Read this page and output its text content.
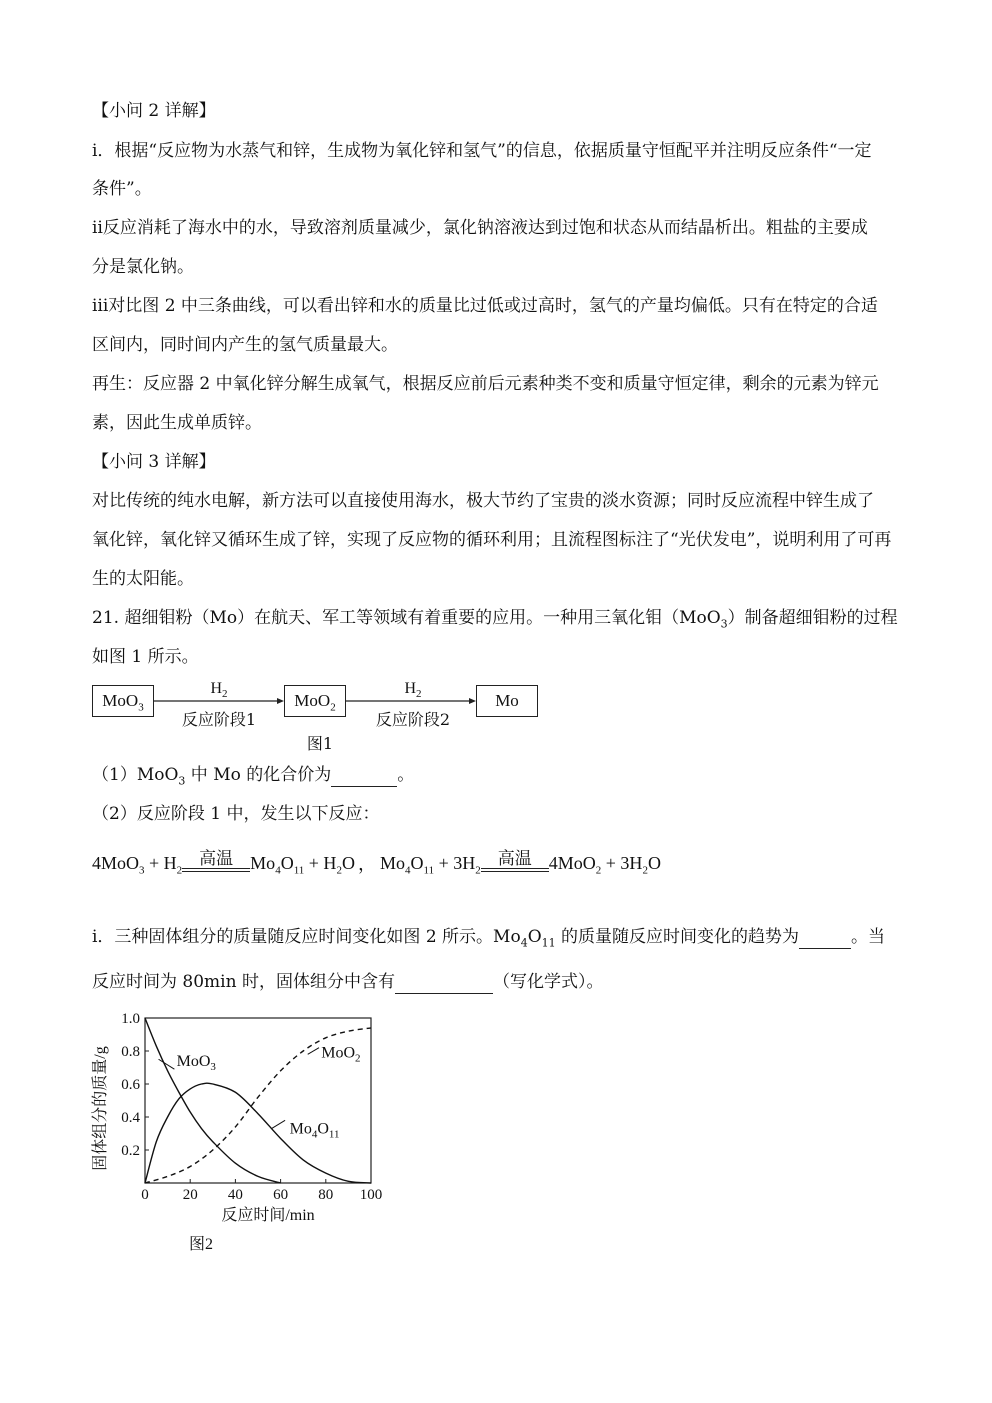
【小问 2 详解】
ⅰ．根据“反应物为水蒸气和锌，生成物为氧化锌和氢气”的信息，依据质量守恒配平并注明反应条件“一定
条件”。
ⅱ反应消耗了海水中的水，导致溶剂质量减少，氯化钠溶液达到过饱和状态从而结晶析出。粗盐的主要成
分是氯化钠。
ⅲ对比图 2 中三条曲线，可以看出锌和水的质量比过低或过高时，氢气的产量均偏低。只有在特定的合适
区间内，同时间内产生的氢气质量最大。
再生：反应器 2 中氧化锌分解生成氧气，根据反应前后元素种类不变和质量守恒定律，剩余的元素为锌元
素，因此生成单质锌。
【小问 3 详解】
对比传统的纯水电解，新方法可以直接使用海水，极大节约了宝贵的淡水资源；同时反应流程中锌生成了
氧化锌，氧化锌又循环生成了锌，实现了反应物的循环利用；且流程图标注了“光伏发电”，说明利用了可再
生的太阳能。
21. 超细钼粉（Mo）在航天、军工等领域有着重要的应用。一种用三氧化钼（MoO$_3$）制备超细钼粉的过程
如图 1 所示。
MoO$_3$	MoO$_2$	Mo
$H_2$
反应阶段1
$H_2$
反应阶段2
图1
（1）MoO$_3$ 中 Mo 的化合价为	。
（2）反应阶段 1 中，发生以下反应：
$4MoO_3 + H_2$
高温 $Mo_4O_{11} + H_2O$ ， $Mo_4O_{11} + 3H_2$
高温 $4MoO_2 + 3H_2O$
ⅰ．三种固体组分的质量随反应时间变化如图 2 所示。$Mo_4O_{11}$ 的质量随反应时间变化的趋势为	。当
反应时间为 80min 时，固体组分中含有	（写化学式）。
0 20 40 60 80 100
0.2
0.4
0.6
0.8
1.0
反应时间/min
固体组分的质量/g
图2
MoO$_3$
$Mo_4O_{11}$
MoO$_2$
